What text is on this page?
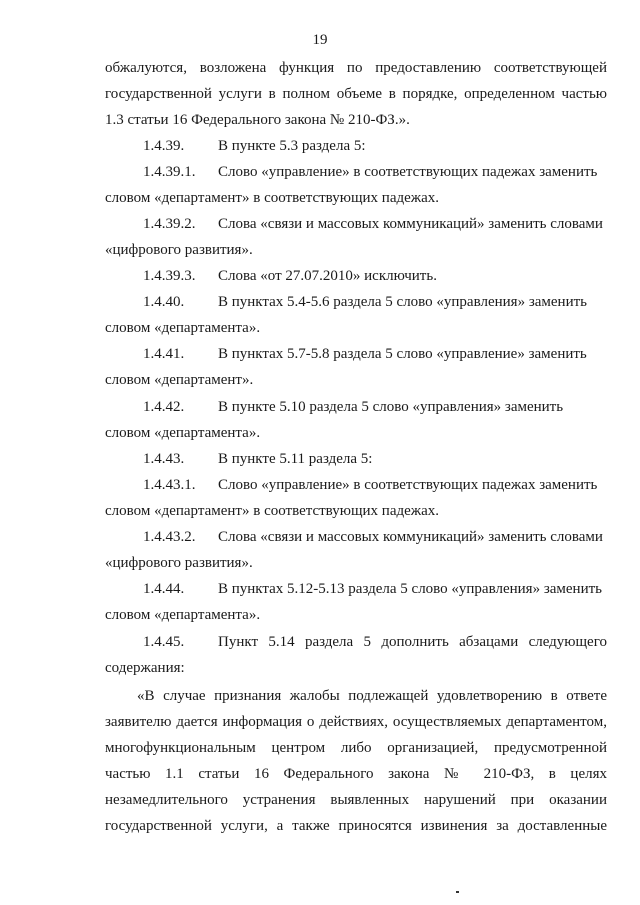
19
обжалуются, возложена функция по предоставлению соответствующей
государственной услуги в полном объеме в порядке, определенном частью
1.3 статьи 16 Федерального закона № 210-ФЗ.».
1.4.39. В пункте 5.3 раздела 5:
1.4.39.1. Слово «управление» в соответствующих падежах заменить
словом «департамент» в соответствующих падежах.
1.4.39.2. Слова «связи и массовых коммуникаций» заменить словами
«цифрового развития».
1.4.39.3. Слова «от 27.07.2010» исключить.
1.4.40. В пунктах 5.4-5.6 раздела 5 слово «управления» заменить
словом «департамента».
1.4.41. В пунктах 5.7-5.8 раздела 5 слово «управление» заменить
словом «департамент».
1.4.42. В пункте 5.10 раздела 5 слово «управления» заменить
словом «департамента».
1.4.43. В пункте 5.11 раздела 5:
1.4.43.1. Слово «управление» в соответствующих падежах заменить
словом «департамент» в соответствующих падежах.
1.4.43.2. Слова «связи и массовых коммуникаций» заменить словами
«цифрового развития».
1.4.44. В пунктах 5.12-5.13 раздела 5 слово «управления» заменить
словом «департамента».
1.4.45. Пункт 5.14 раздела 5 дополнить абзацами следующего
содержания:
«В случае признания жалобы подлежащей удовлетворению в ответе
заявителю дается информация о действиях, осуществляемых департаментом,
многофункциональным центром либо организацией, предусмотренной
частью 1.1 статьи 16 Федерального закона № 210-ФЗ, в целях
незамедлительного устранения выявленных нарушений при оказании
государственной услуги, а также приносятся извинения за доставленные
